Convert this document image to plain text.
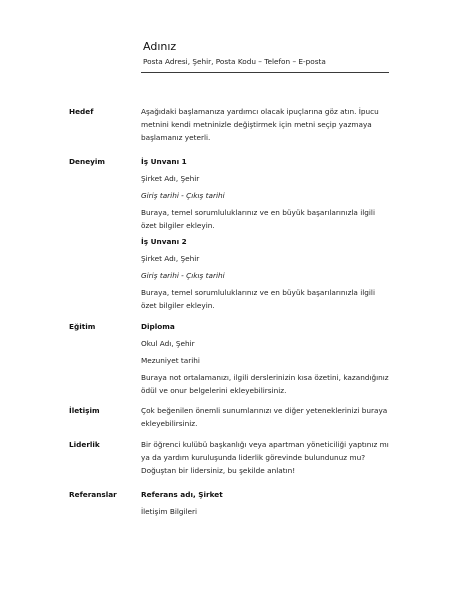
Adınız
Posta Adresi, Şehir, Posta Kodu – Telefon – E-posta
Hedef	Aşağıdaki başlamanıza yardımcı olacak ipuçlarına göz atın. İpucu metnini kendi metninizle değiştirmek için metni seçip yazmaya başlamanız yeterli.

Deneyim	İş Unvanı 1

Şirket Adı, Şehir

Giriş tarihi - Çıkış tarihi

Buraya, temel sorumluluklarınız ve en büyük başarılarınızla ilgili özet bilgiler ekleyin.

İş Unvanı 2

Şirket Adı, Şehir

Giriş tarihi - Çıkış tarihi

Buraya, temel sorumluluklarınız ve en büyük başarılarınızla ilgili özet bilgiler ekleyin.

Eğitim	Diploma

Okul Adı, Şehir

Mezuniyet tarihi

Buraya not ortalamanızı, ilgili derslerinizin kısa özetini, kazandığınız ödül ve onur belgelerini ekleyebilirsiniz.

İletişim	Çok beğenilen önemli sunumlarınızı ve diğer yeteneklerinizi buraya ekleyebilirsiniz.

Liderlik	Bir öğrenci kulübü başkanlığı veya apartman yöneticiliği yaptınız mı ya da yardım kuruluşunda liderlik görevinde bulundunuz mu? Doğuştan bir lidersiniz, bu şekilde anlatın!

Referanslar	Referans adı, Şirket

İletişim Bilgileri
